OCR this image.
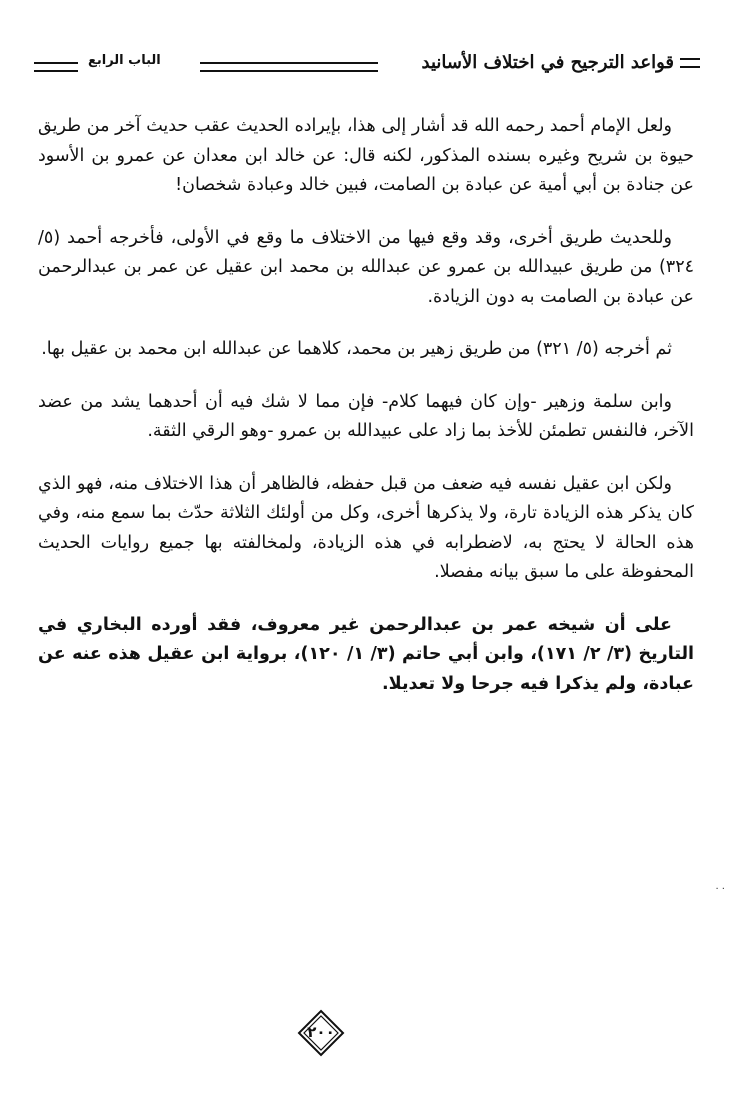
قواعد الترجيح في اختلاف الأسانيد
الباب الرابع

ولعل الإمام أحمد رحمه الله قد أشار إلى هذا، بإيراده الحديث عقب حديث آخر من طريق حيوة بن شريح وغيره بسنده المذكور، لكنه قال: عن خالد ابن معدان عن عمرو بن الأسود عن جنادة بن أبي أمية عن عبادة بن الصامت، فبين خالد وعبادة شخصان!

وللحديث طريق أخرى، وقد وقع فيها من الاختلاف ما وقع في الأولى، فأخرجه أحمد (٥/ ٣٢٤) من طريق عبيدالله بن عمرو عن عبدالله بن محمد ابن عقيل عن عمر بن عبدالرحمن عن عبادة بن الصامت به دون الزيادة.

ثم أخرجه (٥/ ٣٢١) من طريق زهير بن محمد، كلاهما عن عبدالله ابن محمد بن عقيل بها.

وابن سلمة وزهير -وإن كان فيهما كلام- فإن مما لا شك فيه أن أحدهما يشد من عضد الآخر، فالنفس تطمئن للأخذ بما زاد على عبيدالله بن عمرو -وهو الرقي الثقة.

ولكن ابن عقيل نفسه فيه ضعف من قبل حفظه، فالظاهر أن هذا الاختلاف منه، فهو الذي كان يذكر هذه الزيادة تارة، ولا يذكرها أخرى، وكل من أولئك الثلاثة حدّث بما سمع منه، وفي هذه الحالة لا يحتج به، لاضطرابه في هذه الزيادة، ولمخالفته بها جميع روايات الحديث المحفوظة على ما سبق بيانه مفصلا.

على أن شيخه عمر بن عبدالرحمن غير معروف، فقد أورده البخاري في التاريخ (٣/ ٢/ ١٧١)، وابن أبي حاتم (٣/ ١/ ١٢٠)، برواية ابن عقيل هذه عنه عن عبادة، ولم يذكرا فيه جرحا ولا تعديلا.

· ·
٢٠٠
